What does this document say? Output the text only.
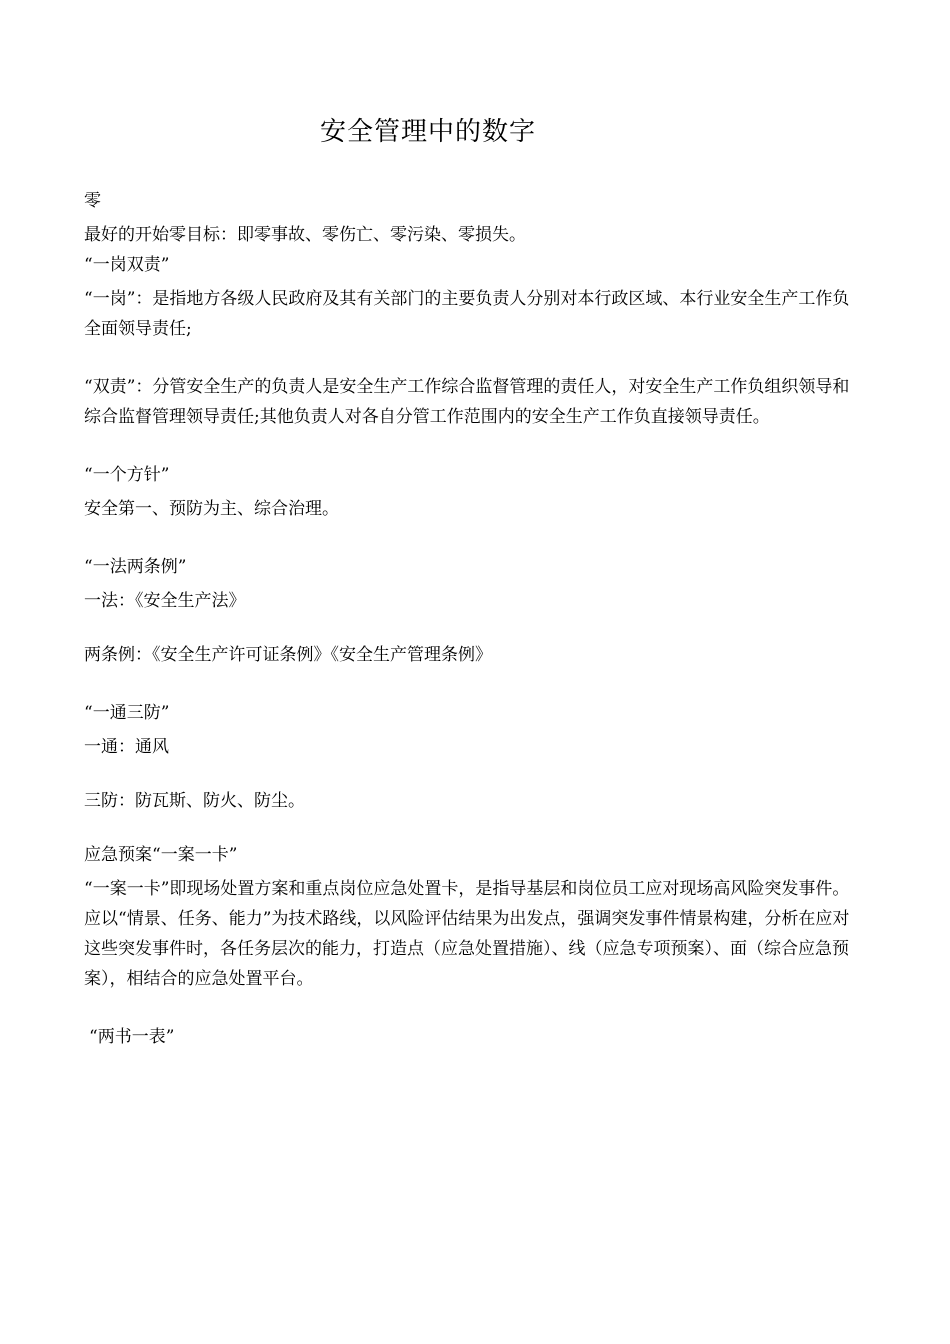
安全管理中的数字

零

最好的开始零目标：即零事故、零伤亡、零污染、零损失。

“一岗双责”

“一岗”：是指地方各级人民政府及其有关部门的主要负责人分别对本行政区域、本行业安全生产工作负全面领导责任;

“双责”：分管安全生产的负责人是安全生产工作综合监督管理的责任人，对安全生产工作负组织领导和综合监督管理领导责任;其他负责人对各自分管工作范围内的安全生产工作负直接领导责任。

“一个方针”

安全第一、预防为主、综合治理。

“一法两条例”

一法：《安全生产法》

两条例：《安全生产许可证条例》《安全生产管理条例》

“一通三防”

一通：通风

三防：防瓦斯、防火、防尘。

应急预案“一案一卡”

“一案一卡”即现场处置方案和重点岗位应急处置卡，是指导基层和岗位员工应对现场高风险突发事件。应以“情景、任务、能力”为技术路线，以风险评估结果为出发点，强调突发事件情景构建，分析在应对这些突发事件时，各任务层次的能力，打造点（应急处置措施）、线（应急专项预案）、面（综合应急预案），相结合的应急处置平台。

“两书一表”
